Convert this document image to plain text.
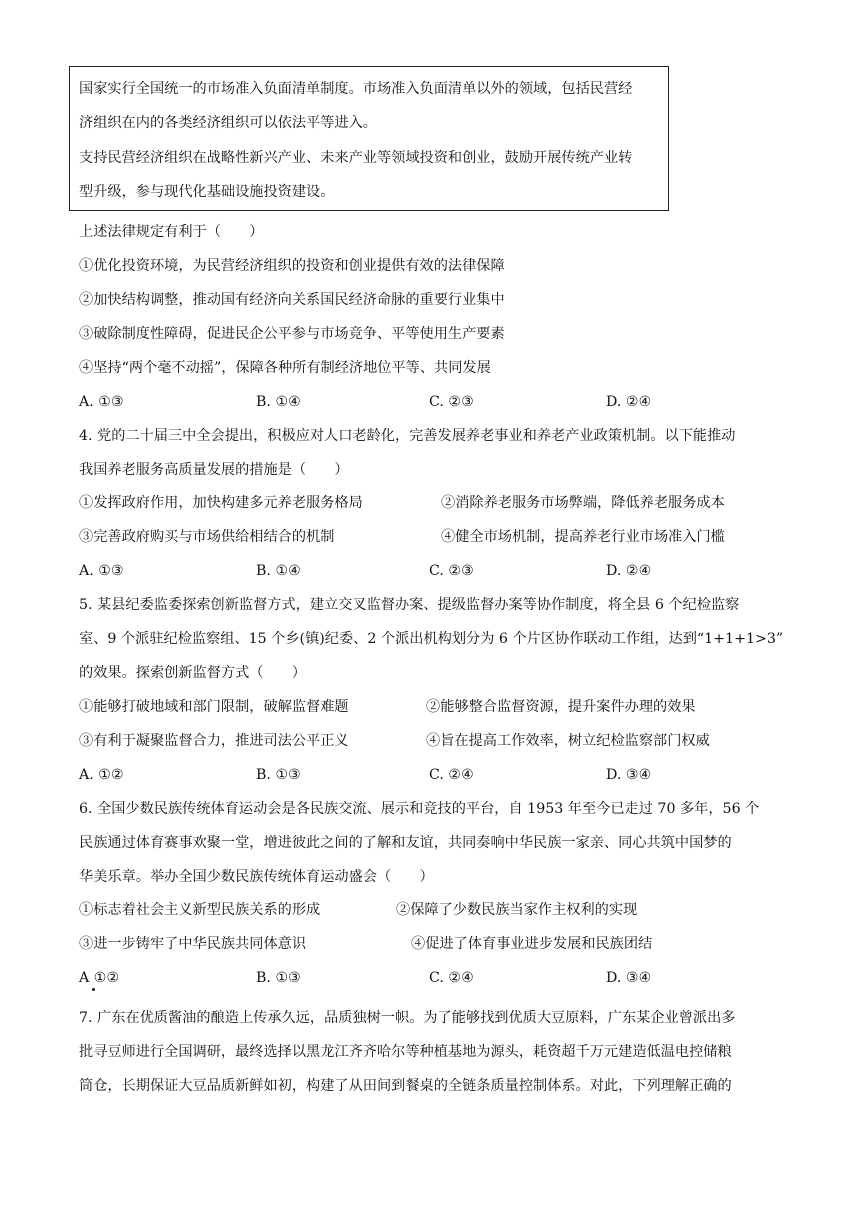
国家实行全国统一的市场准入负面清单制度。市场准入负面清单以外的领域，包括民营经
济组织在内的各类经济组织可以依法平等进入。
支持民营经济组织在战略性新兴产业、未来产业等领域投资和创业，鼓励开展传统产业转
型升级，参与现代化基础设施投资建设。
上述法律规定有利于（　　）
①优化投资环境，为民营经济组织的投资和创业提供有效的法律保障
②加快结构调整，推动国有经济向关系国民经济命脉的重要行业集中
③破除制度性障碍，促进民企公平参与市场竞争、平等使用生产要素
④坚持“两个毫不动摇”，保障各种所有制经济地位平等、共同发展
A. ①③	B. ①④	C. ②③	D. ②④
4. 党的二十届三中全会提出，积极应对人口老龄化，完善发展养老事业和养老产业政策机制。以下能推动
我国养老服务高质量发展的措施是（　　）
①发挥政府作用，加快构建多元养老服务格局	②消除养老服务市场弊端，降低养老服务成本
③完善政府购买与市场供给相结合的机制	④健全市场机制，提高养老行业市场准入门槛
A. ①③	B. ①④	C. ②③	D. ②④
5. 某县纪委监委探索创新监督方式，建立交叉监督办案、提级监督办案等协作制度，将全县 6 个纪检监察
室、9 个派驻纪检监察组、15 个乡(镇)纪委、2 个派出机构划分为 6 个片区协作联动工作组，达到“1+1+1>3”
的效果。探索创新监督方式（　　）
①能够打破地域和部门限制，破解监督难题	②能够整合监督资源，提升案件办理的效果
③有利于凝聚监督合力，推进司法公平正义	④旨在提高工作效率，树立纪检监察部门权威
A. ①②	B. ①③	C. ②④	D. ③④
6. 全国少数民族传统体育运动会是各民族交流、展示和竞技的平台，自 1953 年至今已走过 70 多年，56 个
民族通过体育赛事欢聚一堂，增进彼此之间的了解和友谊，共同奏响中华民族一家亲、同心共筑中国梦的
华美乐章。举办全国少数民族传统体育运动盛会（　　）
①标志着社会主义新型民族关系的形成	②保障了少数民族当家作主权利的实现
③进一步铸牢了中华民族共同体意识	④促进了体育事业进步发展和民族团结
A ①②	B. ①③	C. ②④	D. ③④
7. 广东在优质酱油的酿造上传承久远，品质独树一帜。为了能够找到优质大豆原料，广东某企业曾派出多
批寻豆师进行全国调研，最终选择以黑龙江齐齐哈尔等种植基地为源头，耗资超千万元建造低温电控储粮
筒仓，长期保证大豆品质新鲜如初，构建了从田间到餐桌的全链条质量控制体系。对此，下列理解正确的
